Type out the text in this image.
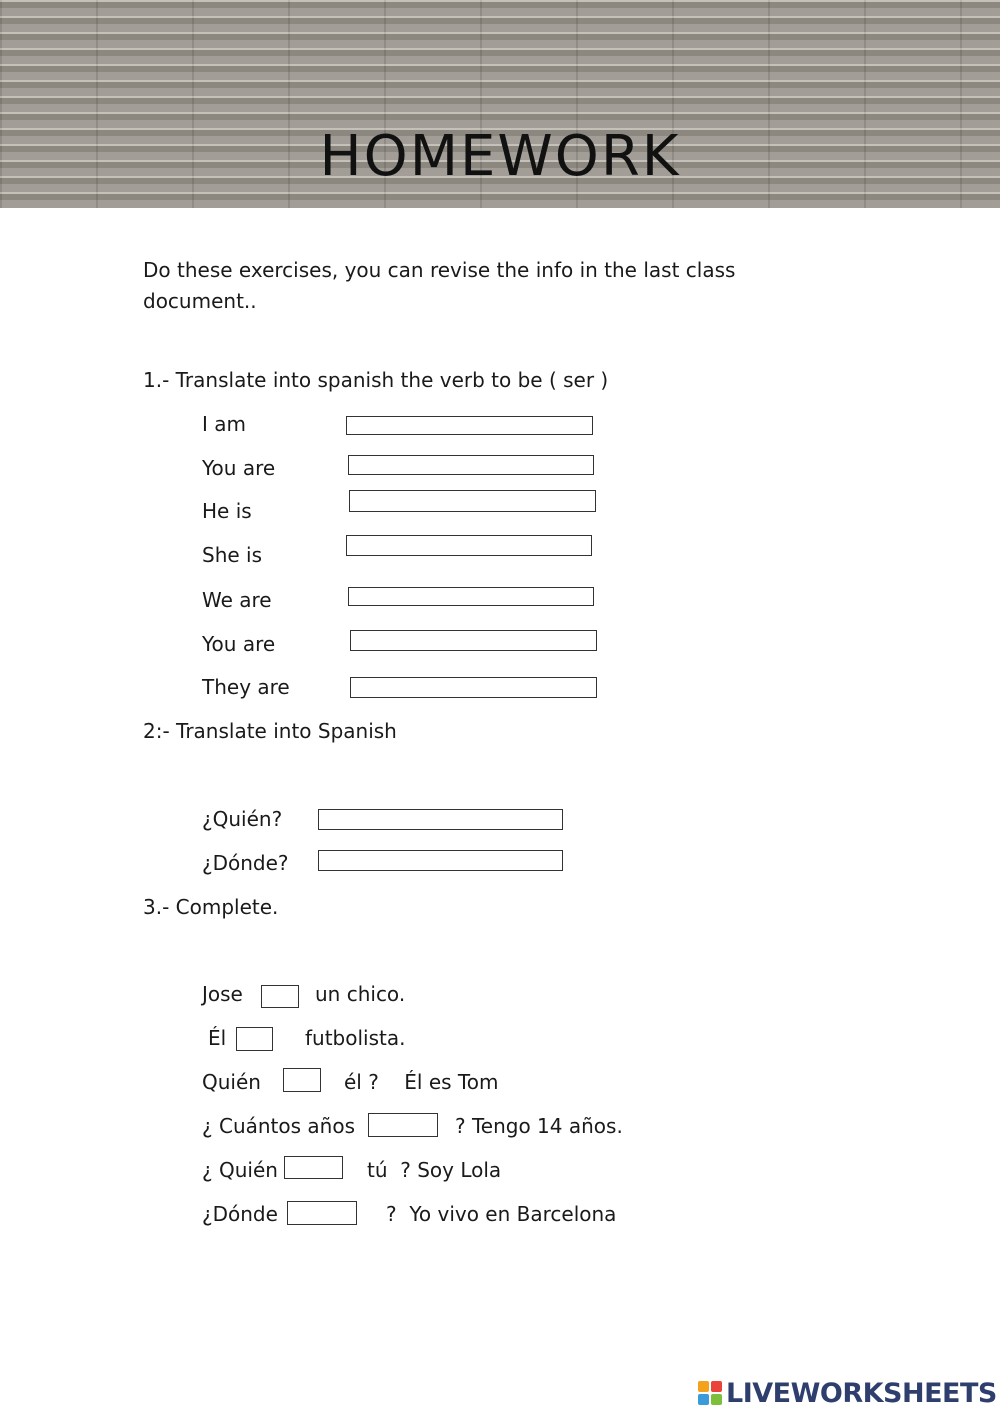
HOMEWORK
Do these exercises, you can revise the info in the last class document..
1.- Translate into spanish the verb to be ( ser )
I am
You are
He is
She is
We are
You are
They are
2:- Translate into Spanish
¿Quién?
¿Dónde?
3.- Complete.
Jose	un chico.
Él	futbolista.
Quién	él ?    Él es Tom
¿ Cuántos años	? Tengo 14 años.
¿ Quién	tú  ? Soy Lola
¿Dónde	?  Yo vivo en Barcelona
LIVEWORKSHEETS
